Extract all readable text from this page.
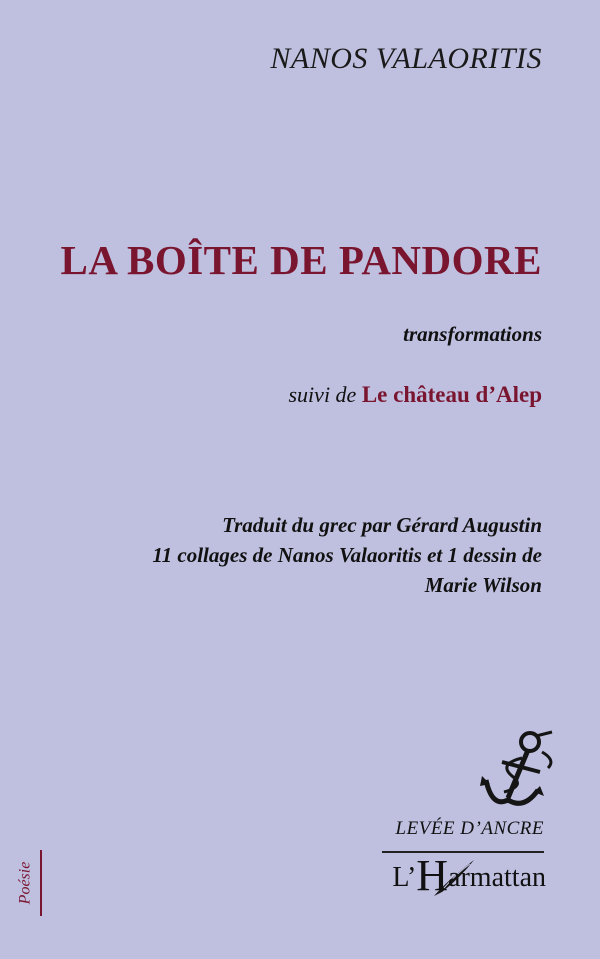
NANOS VALAORITIS
LA BOÎTE DE PANDORE
transformations
suivi de Le château d’Alep
Traduit du grec par Gérard Augustin
11 collages de Nanos Valaoritis et 1 dessin de
Marie Wilson
LEVÉE D’ANCRE
L’Harmattan
Poésie
